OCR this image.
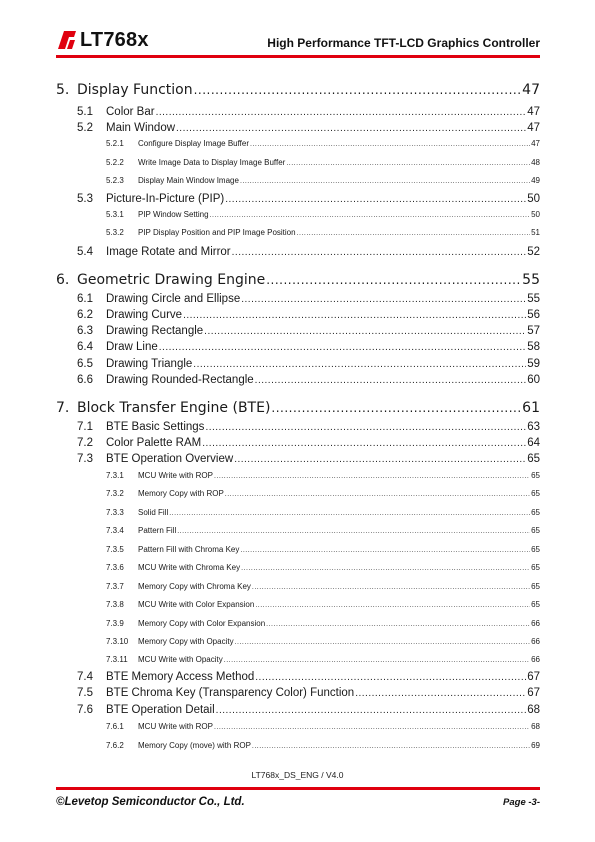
LT768x	High Performance TFT-LCD Graphics Controller
5. Display Function .....	47
5.1	Color Bar .....	47
5.2	Main Window .....	47
5.2.1	Configure Display Image Buffer .....	47
5.2.2	Write Image Data to Display Image Buffer .....	48
5.2.3	Display Main Window Image .....	49
5.3	Picture-In-Picture (PIP) .....	50
5.3.1	PIP Window Setting .....	50
5.3.2	PIP Display Position and PIP Image Position .....	51
5.4	Image Rotate and Mirror .....	52
6. Geometric Drawing Engine .....	55
6.1	Drawing Circle and Ellipse .....	55
6.2	Drawing Curve .....	56
6.3	Drawing Rectangle .....	57
6.4	Draw Line .....	58
6.5	Drawing Triangle .....	59
6.6	Drawing Rounded-Rectangle .....	60
7. Block Transfer Engine (BTE) .....	61
7.1	BTE Basic Settings .....	63
7.2	Color Palette RAM .....	64
7.3	BTE Operation Overview .....	65
7.3.1	MCU Write with ROP .....	65
7.3.2	Memory Copy with ROP .....	65
7.3.3	Solid Fill .....	65
7.3.4	Pattern Fill .....	65
7.3.5	Pattern Fill with Chroma Key .....	65
7.3.6	MCU Write with Chroma Key .....	65
7.3.7	Memory Copy with Chroma Key .....	65
7.3.8	MCU Write with Color Expansion .....	65
7.3.9	Memory Copy with Color Expansion .....	66
7.3.10	Memory Copy with Opacity .....	66
7.3.11	MCU Write with Opacity .....	66
7.4	BTE Memory Access Method .....	67
7.5	BTE Chroma Key (Transparency Color) Function .....	67
7.6	BTE Operation Detail .....	68
7.6.1	MCU Write with ROP .....	68
7.6.2	Memory Copy (move) with ROP .....	69
LT768x_DS_ENG / V4.0
©Levetop Semiconductor Co., Ltd.	Page -3-
